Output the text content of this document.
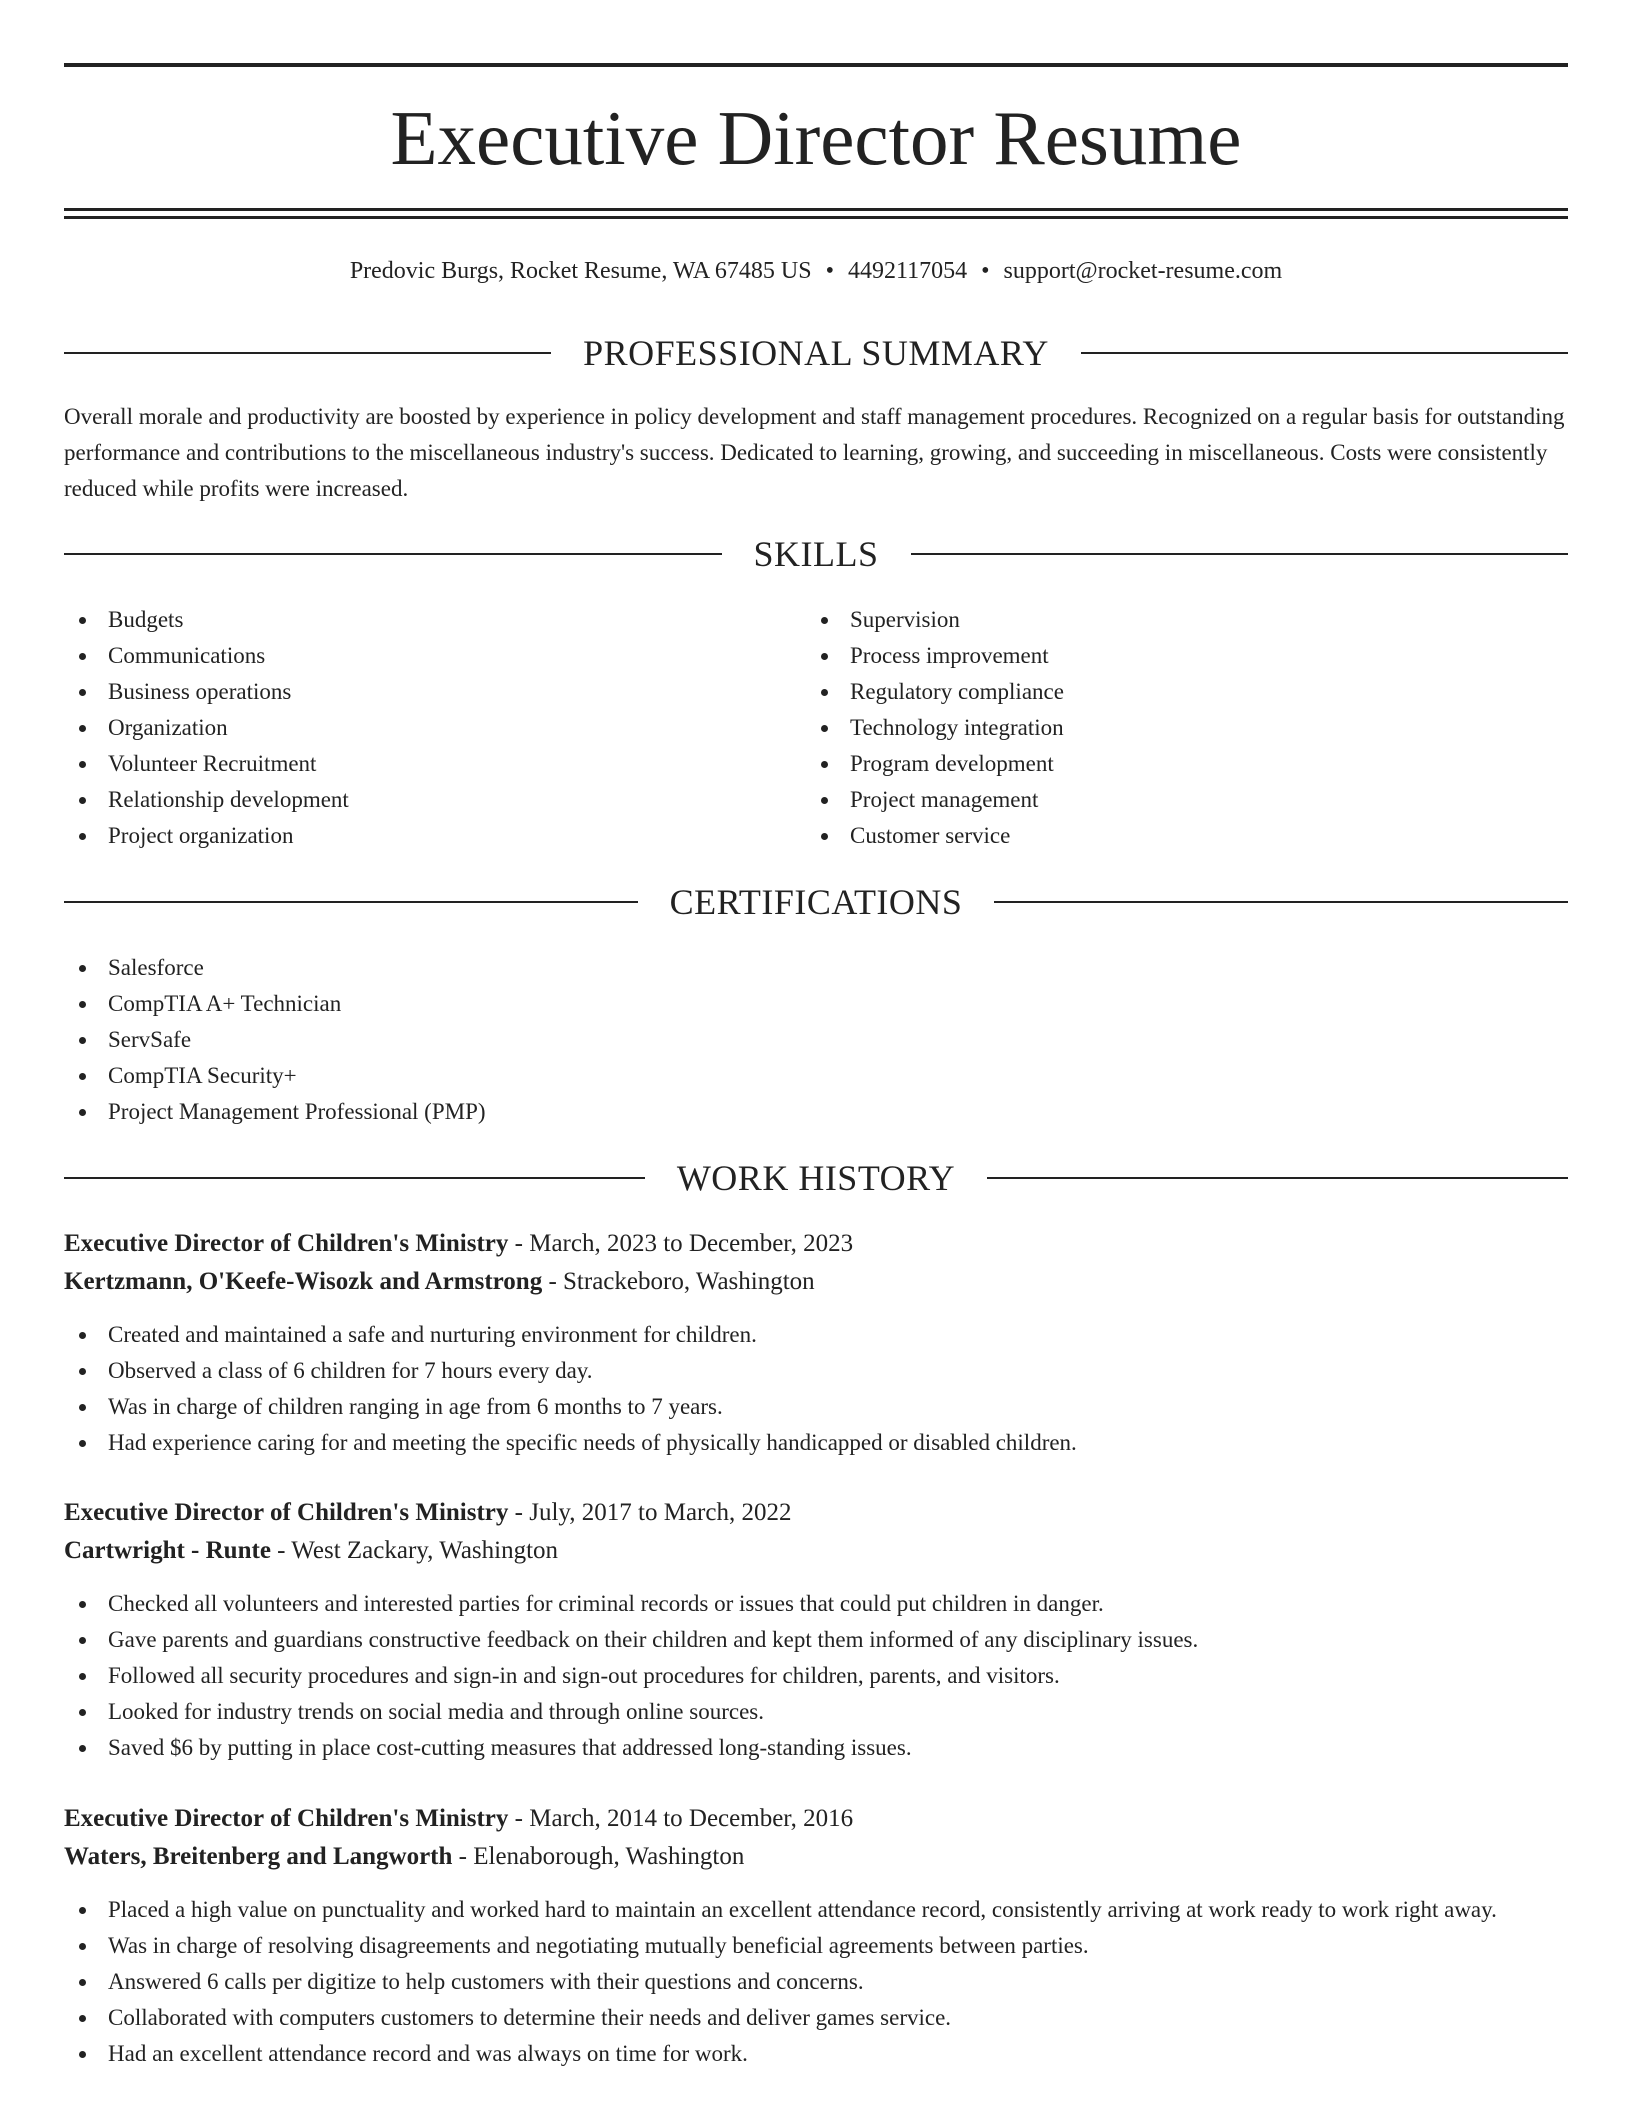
Executive Director Resume
Predovic Burgs, Rocket Resume, WA 67485 US • 4492117054 • support@rocket-resume.com
PROFESSIONAL SUMMARY

Overall morale and productivity are boosted by experience in policy development and staff management procedures. Recognized on a regular basis for outstanding performance and contributions to the miscellaneous industry's success. Dedicated to learning, growing, and succeeding in miscellaneous. Costs were consistently reduced while profits were increased.

SKILLS
Budgets
Communications
Business operations
Organization
Volunteer Recruitment
Relationship development
Project organization
Supervision
Process improvement
Regulatory compliance
Technology integration
Program development
Project management
Customer service
CERTIFICATIONS
Salesforce
CompTIA A+ Technician
ServSafe
CompTIA Security+
Project Management Professional (PMP)
WORK HISTORY
Executive Director of Children's Ministry - March, 2023 to December, 2023
Kertzmann, O'Keefe-Wisozk and Armstrong - Strackeboro, Washington
Created and maintained a safe and nurturing environment for children.
Observed a class of 6 children for 7 hours every day.
Was in charge of children ranging in age from 6 months to 7 years.
Had experience caring for and meeting the specific needs of physically handicapped or disabled children.
Executive Director of Children's Ministry - July, 2017 to March, 2022
Cartwright - Runte - West Zackary, Washington
Checked all volunteers and interested parties for criminal records or issues that could put children in danger.
Gave parents and guardians constructive feedback on their children and kept them informed of any disciplinary issues.
Followed all security procedures and sign-in and sign-out procedures for children, parents, and visitors.
Looked for industry trends on social media and through online sources.
Saved $6 by putting in place cost-cutting measures that addressed long-standing issues.
Executive Director of Children's Ministry - March, 2014 to December, 2016
Waters, Breitenberg and Langworth - Elenaborough, Washington
Placed a high value on punctuality and worked hard to maintain an excellent attendance record, consistently arriving at work ready to work right away.
Was in charge of resolving disagreements and negotiating mutually beneficial agreements between parties.
Answered 6 calls per digitize to help customers with their questions and concerns.
Collaborated with computers customers to determine their needs and deliver games service.
Had an excellent attendance record and was always on time for work.
